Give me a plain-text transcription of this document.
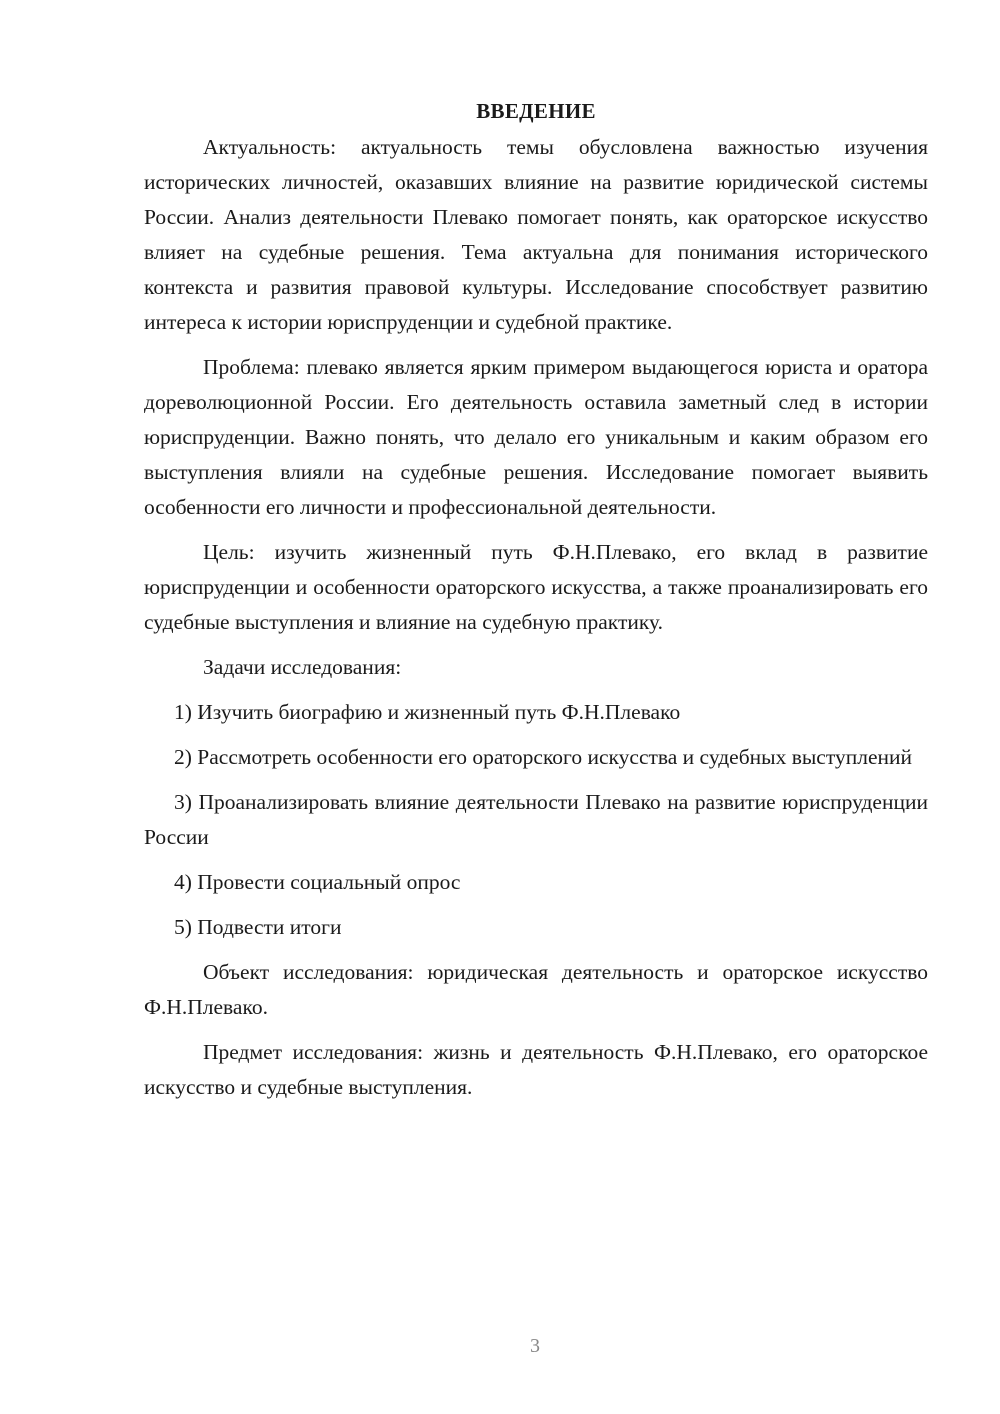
ВВЕДЕНИЕ

Актуальность: актуальность темы обусловлена важностью изучения исторических личностей, оказавших влияние на развитие юридической системы России. Анализ деятельности Плевако помогает понять, как ораторское искусство влияет на судебные решения. Тема актуальна для понимания исторического контекста и развития правовой культуры. Исследование способствует развитию интереса к истории юриспруденции и судебной практике.

Проблема: плевако является ярким примером выдающегося юриста и оратора дореволюционной России. Его деятельность оставила заметный след в истории юриспруденции. Важно понять, что делало его уникальным и каким образом его выступления влияли на судебные решения. Исследование помогает выявить особенности его личности и профессиональной деятельности.

Цель: изучить жизненный путь Ф.Н.Плевако, его вклад в развитие юриспруденции и особенности ораторского искусства, а также проанализировать его судебные выступления и влияние на судебную практику.

Задачи исследования:

1) Изучить биографию и жизненный путь Ф.Н.Плевако

2) Рассмотреть особенности его ораторского искусства и судебных выступлений

3) Проанализировать влияние деятельности Плевако на развитие юриспруденции России

4) Провести социальный опрос

5) Подвести итоги

Объект исследования: юридическая деятельность и ораторское искусство Ф.Н.Плевако.

Предмет исследования: жизнь и деятельность Ф.Н.Плевако, его ораторское искусство и судебные выступления.

3
